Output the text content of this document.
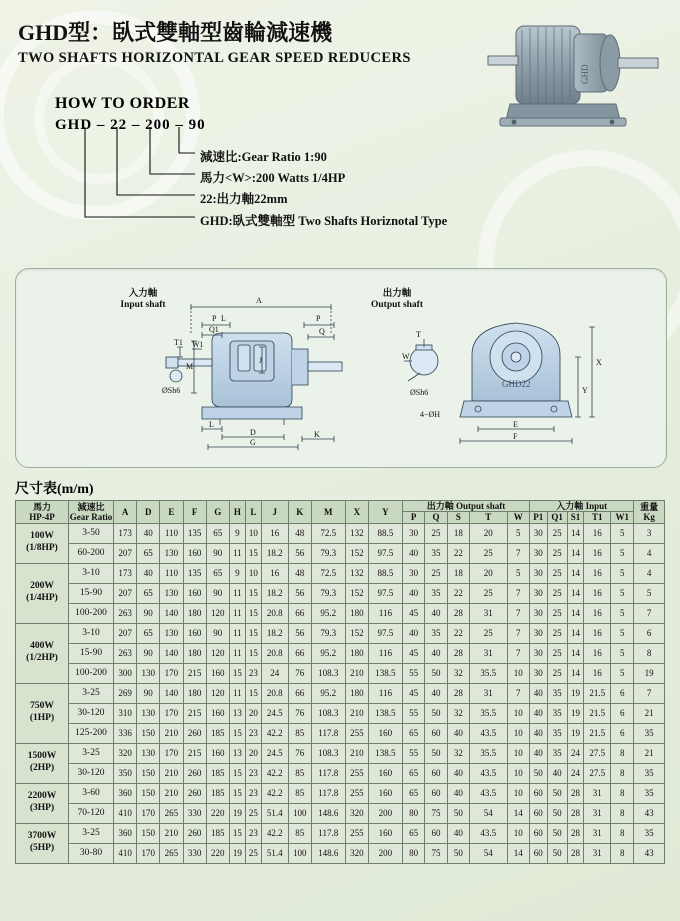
GHD型：臥式雙軸型齒輪減速機
TWO SHAFTS HORIZONTAL GEAR SPEED REDUCERS
GHD
HOW TO ORDER
GHD – 22 – 200 – 90
減速比:Gear Ratio 1:90
馬力<W>:200 Watts 1/4HP
22:出力軸22mm
GHD:臥式雙軸型 Two Shafts Horiznotal Type
A
P L
Q1
P
Q
M
L
D
G
K
J
T1 W1
ØSh6
X
Y
E
F
T
W
ØSh6
4−ØH
GHD22
入力軸
Input shaft
出力軸
Output shaft
尺寸表(m/m)
馬力
HP-4P	減速比
Gear Ratio	A	D	E	F	G	H	L	J	K	M	X	Y	出力軸 Output shaft					入力軸 Input					重量
Kg
														P	Q	S	T	W	P1	Q1	S1	T1	W1	
100W
(1/8HP)	3-50	173	40	110	135	65	9	10	16	48	72.5	132	88.5	30	25	18	20	5	30	25	14	16	5	3
	60-200	207	65	130	160	90	11	15	18.2	56	79.3	152	97.5	40	35	22	25	7	30	25	14	16	5	4
200W
(1/4HP)	3-10	173	40	110	135	65	9	10	16	48	72.5	132	88.5	30	25	18	20	5	30	25	14	16	5	4
	15-90	207	65	130	160	90	11	15	18.2	56	79.3	152	97.5	40	35	22	25	7	30	25	14	16	5	5
	100-200	263	90	140	180	120	11	15	20.8	66	95.2	180	116	45	40	28	31	7	30	25	14	16	5	7
400W
(1/2HP)	3-10	207	65	130	160	90	11	15	18.2	56	79.3	152	97.5	40	35	22	25	7	30	25	14	16	5	6
	15-90	263	90	140	180	120	11	15	20.8	66	95.2	180	116	45	40	28	31	7	30	25	14	16	5	8
	100-200	300	130	170	215	160	15	23	24	76	108.3	210	138.5	55	50	32	35.5	10	30	25	14	16	5	19
750W
(1HP)	3-25	269	90	140	180	120	11	15	20.8	66	95.2	180	116	45	40	28	31	7	40	35	19	21.5	6	7
	30-120	310	130	170	215	160	13	20	24.5	76	108.3	210	138.5	55	50	32	35.5	10	40	35	19	21.5	6	21
	125-200	336	150	210	260	185	15	23	42.2	85	117.8	255	160	65	60	40	43.5	10	40	35	19	21.5	6	35
1500W
(2HP)	3-25	320	130	170	215	160	13	20	24.5	76	108.3	210	138.5	55	50	32	35.5	10	40	35	24	27.5	8	21
	30-120	350	150	210	260	185	15	23	42.2	85	117.8	255	160	65	60	40	43.5	10	50	40	24	27.5	8	35
2200W
(3HP)	3-60	360	150	210	260	185	15	23	42.2	85	117.8	255	160	65	60	40	43.5	10	60	50	28	31	8	35
	70-120	410	170	265	330	220	19	25	51.4	100	148.6	320	200	80	75	50	54	14	60	50	28	31	8	43
3700W
(5HP)	3-25	360	150	210	260	185	15	23	42.2	85	117.8	255	160	65	60	40	43.5	10	60	50	28	31	8	35
	30-80	410	170	265	330	220	19	25	51.4	100	148.6	320	200	80	75	50	54	14	60	50	28	31	8	43
